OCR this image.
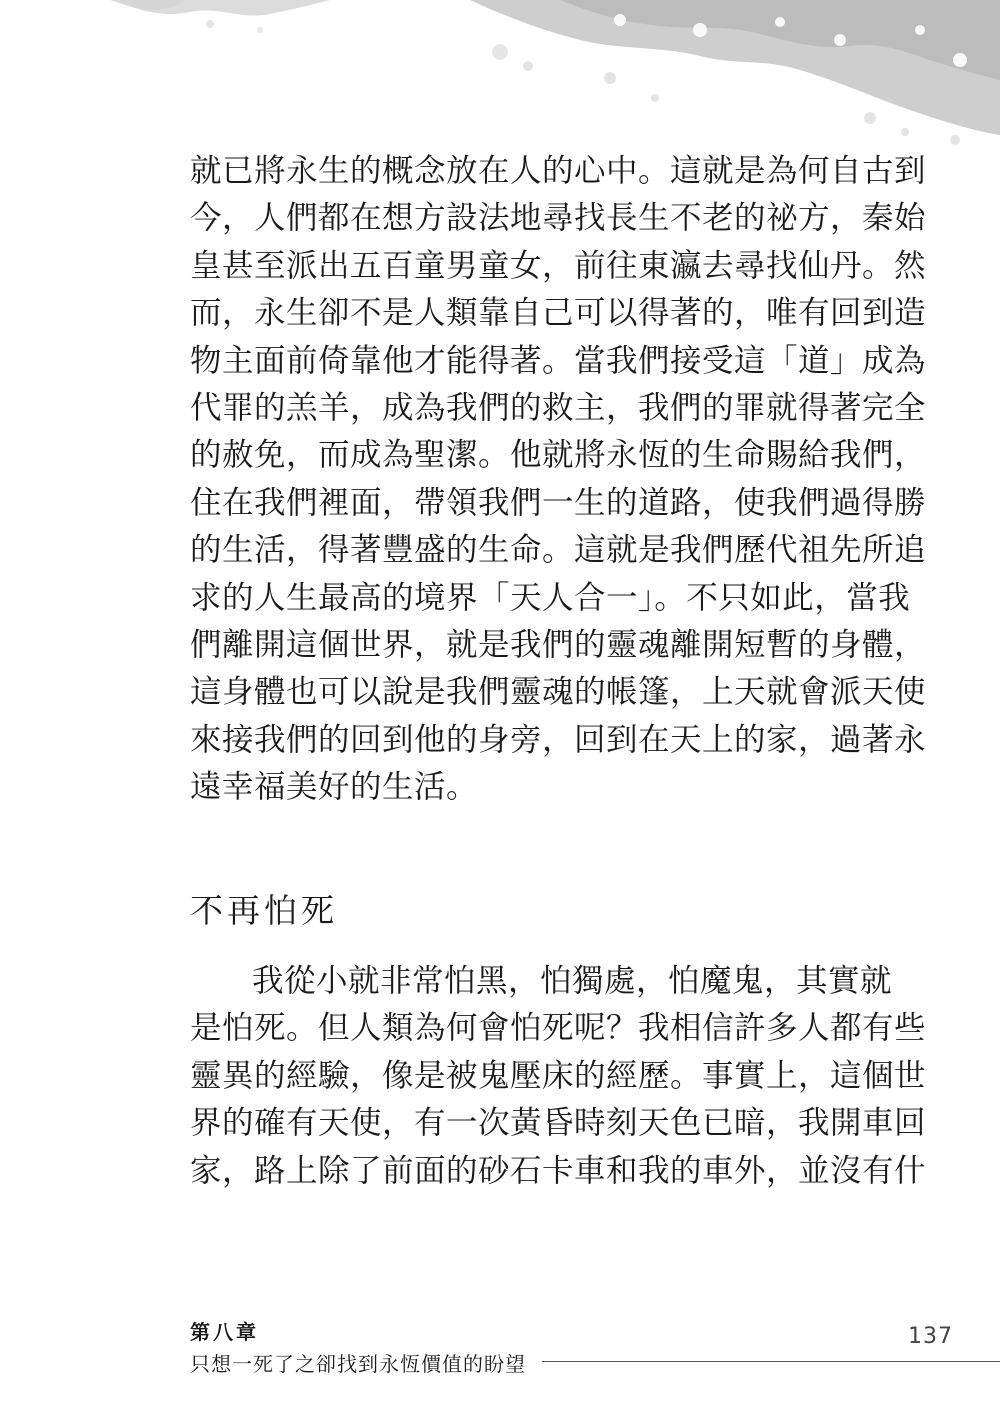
就已將永生的概念放在人的心中。這就是為何自古到
今，人們都在想方設法地尋找長生不老的祕方，秦始
皇甚至派出五百童男童女，前往東瀛去尋找仙丹。然
而，永生卻不是人類靠自己可以得著的，唯有回到造
物主面前倚靠他才能得著。當我們接受這「道」成為
代罪的羔羊，成為我們的救主，我們的罪就得著完全
的赦免，而成為聖潔。他就將永恆的生命賜給我們，
住在我們裡面，帶領我們一生的道路，使我們過得勝
的生活，得著豐盛的生命。這就是我們歷代祖先所追
求的人生最高的境界「天人合一」。不只如此，當我
們離開這個世界，就是我們的靈魂離開短暫的身體，
這身體也可以說是我們靈魂的帳篷，上天就會派天使
來接我們的回到他的身旁，回到在天上的家，過著永
遠幸福美好的生活。
不再怕死
我從小就非常怕黑，怕獨處，怕魔鬼，其實就
是怕死。但人類為何會怕死呢？我相信許多人都有些
靈異的經驗，像是被鬼壓床的經歷。事實上，這個世
界的確有天使，有一次黃昏時刻天色已暗，我開車回
家，路上除了前面的砂石卡車和我的車外，並沒有什
第八章
只想一死了之卻找到永恆價值的盼望
137
